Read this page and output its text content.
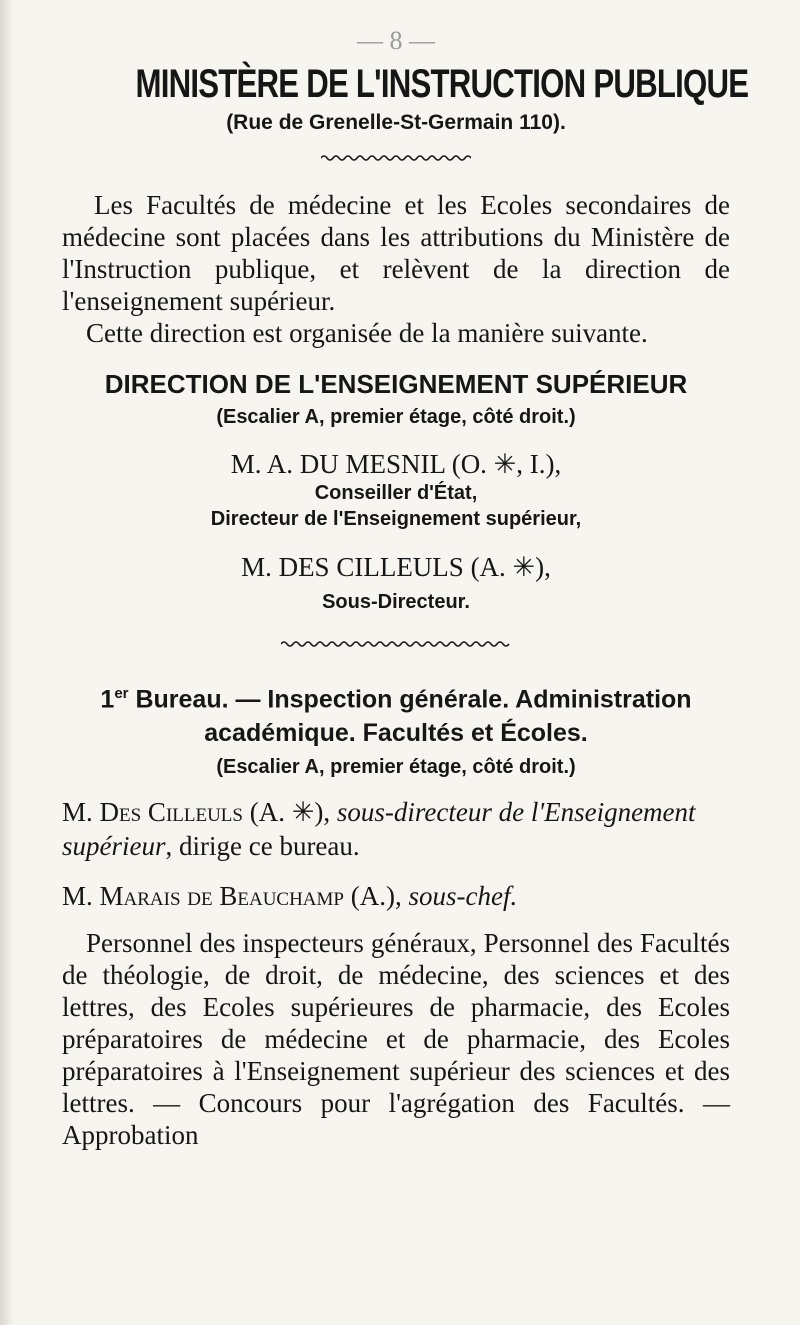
— 8 —
MINISTÈRE DE L'INSTRUCTION PUBLIQUE
(Rue de Grenelle-St-Germain 110).
Les Facultés de médecine et les Ecoles secondaires de médecine sont placées dans les attributions du Ministère de l'Instruction publique, et relèvent de la direction de l'enseignement supérieur.
Cette direction est organisée de la manière suivante.
DIRECTION DE L'ENSEIGNEMENT SUPÉRIEUR
(Escalier A, premier étage, côté droit.)
M. A. DU MESNIL (O. ✳, I.),
Conseiller d'État,
Directeur de l'Enseignement supérieur,
M. DES CILLEULS (A. ✳),
Sous-Directeur.
1er Bureau. — Inspection générale. Administration
académique. Facultés et Écoles.
(Escalier A, premier étage, côté droit.)
M. Des Cilleuls (A. ✳), sous-directeur de l'Enseignement supérieur, dirige ce bureau.
M. Marais de Beauchamp (A.), sous-chef.
Personnel des inspecteurs généraux, Personnel des Facultés de théologie, de droit, de médecine, des sciences et des lettres, des Ecoles supérieures de pharmacie, des Ecoles préparatoires de médecine et de pharmacie, des Ecoles préparatoires à l'Enseignement supérieur des sciences et des lettres. — Concours pour l'agrégation des Facultés. — Approbation
